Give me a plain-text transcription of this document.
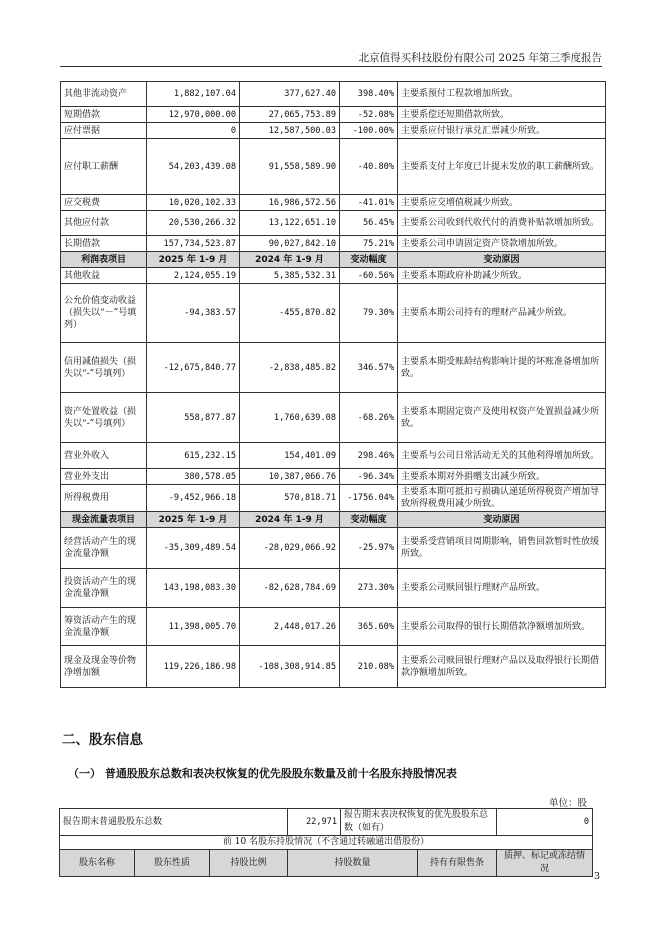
北京值得买科技股份有限公司 2025 年第三季度报告
其他非流动资产	1,882,107.04	377,627.40	398.40%	主要系预付工程款增加所致。
短期借款	12,970,000.00	27,065,753.89	-52.08%	主要系偿还短期借款所致。
应付票据	0	12,587,500.03	-100.00%	主要系应付银行承兑汇票减少所致。
应付职工薪酬	54,203,439.08	91,558,589.90	-40.80%	主要系支付上年度已计提未发放的职工薪酬所致。
应交税费	10,020,102.33	16,986,572.56	-41.01%	主要系应交增值税减少所致。
其他应付款	20,530,266.32	13,122,651.10	56.45%	主要系公司收到代收代付的消费补贴款增加所致。
长期借款	157,734,523.87	90,027,842.10	75.21%	主要系公司申请固定资产贷款增加所致。
利润表项目	2025 年 1-9 月	2024 年 1-9 月	变动幅度	变动原因
其他收益	2,124,055.19	5,385,532.31	-60.56%	主要系本期政府补助减少所致。
公允价值变动收益（损失以“－”号填列）	-94,383.57	-455,870.82	79.30%	主要系本期公司持有的理财产品减少所致。
信用减值损失（损失以“-”号填列）	-12,675,840.77	-2,838,485.82	346.57%	主要系本期受账龄结构影响计提的坏账准备增加所致。
资产处置收益（损失以“-”号填列）	558,877.87	1,760,639.08	-68.26%	主要系本期固定资产及使用权资产处置损益减少所致。
营业外收入	615,232.15	154,401.09	298.46%	主要系与公司日常活动无关的其他利得增加所致。
营业外支出	380,578.05	10,387,066.76	-96.34%	主要系本期对外捐赠支出减少所致。
所得税费用	-9,452,966.18	570,818.71	-1756.04%	主要系本期可抵扣亏损确认递延所得税资产增加导致所得税费用减少所致。
现金流量表项目	2025 年 1-9 月	2024 年 1-9 月	变动幅度	变动原因
经营活动产生的现金流量净额	-35,309,489.54	-28,029,066.92	-25.97%	主要系受营销项目周期影响，销售回款暂时性放缓所致。
投资活动产生的现金流量净额	143,198,083.30	-82,628,784.69	273.30%	主要系公司赎回银行理财产品所致。
筹资活动产生的现金流量净额	11,398,005.70	2,448,017.26	365.60%	主要系公司取得的银行长期借款净额增加所致。
现金及现金等价物净增加额	119,226,186.98	-108,308,914.85	210.08%	主要系公司赎回银行理财产品以及取得银行长期借款净额增加所致。
二、股东信息
（一） 普通股股东总数和表决权恢复的优先股股东数量及前十名股东持股情况表
单位：股
报告期末普通股股东总数			22,971	报告期末表决权恢复的优先股股东总数（如有）		0
前 10 名股东持股情况（不含通过转融通出借股份）						
股东名称	股东性质	持股比例	持股数量		持有有限售条	质押、标记或冻结情况
3
